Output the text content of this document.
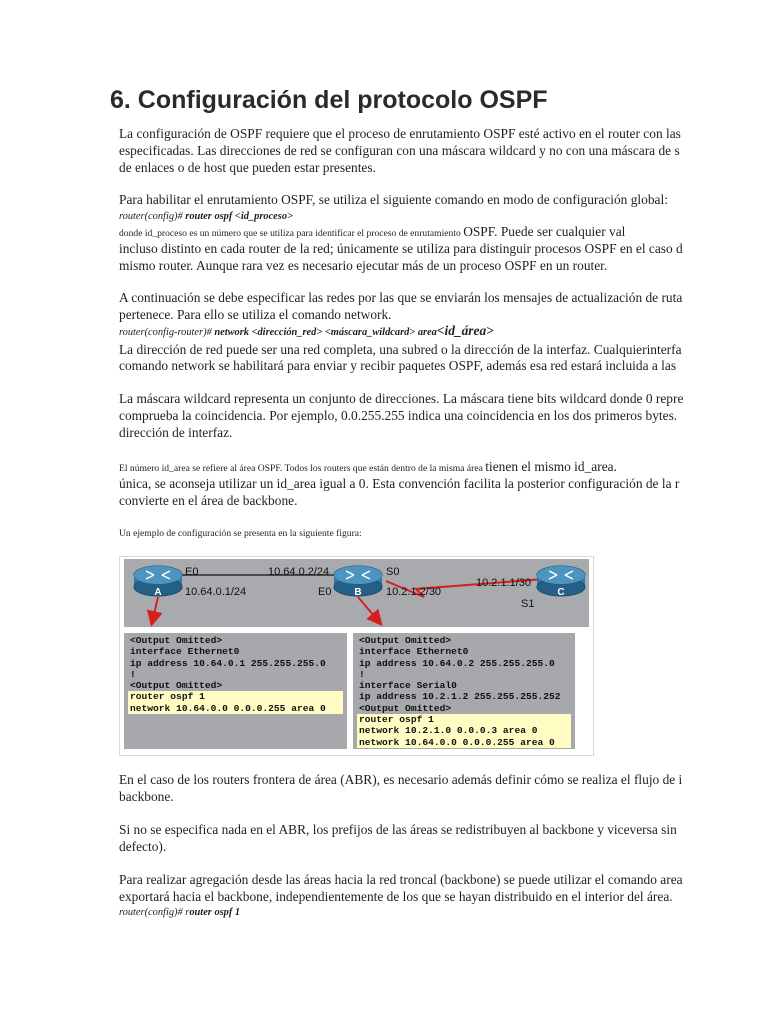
6. Configuración del protocolo OSPF
La configuración de OSPF requiere que el proceso de enrutamiento OSPF esté activo en el router con las
especificadas. Las direcciones de red se configuran con una máscara wildcard y no con una máscara de s
de enlaces o de host que pueden estar presentes.
Para habilitar el enrutamiento OSPF, se utiliza el siguiente comando en modo de configuración global:
router(config)# router ospf <id_proceso>
donde id_proceso es un número que se utiliza para identificar el proceso de enrutamiento OSPF. Puede ser cualquier val
incluso distinto en cada router de la red; únicamente se utiliza para distinguir procesos OSPF en el caso d
mismo router. Aunque rara vez es necesario ejecutar más de un proceso OSPF en un router.
A continuación se debe especificar las redes por las que se enviarán los mensajes de actualización de ruta
pertenece. Para ello se utiliza el comando network.
router(config-router)# network <dirección_red> <máscara_wildcard> area<id_área>
La dirección de red puede ser una red completa, una subred o la dirección de la interfaz. Cualquierinterfa
comando network se habilitará para enviar y recibir paquetes OSPF, además esa red estará incluida a las
La máscara wildcard representa un conjunto de direcciones. La máscara tiene bits wildcard donde 0 repre
comprueba la coincidencia. Por ejemplo, 0.0.255.255 indica una coincidencia en los dos primeros bytes.
dirección de interfaz.
El número id_area se refiere al área OSPF. Todos los routers que están dentro de la misma área tienen el mismo id_area.
única, se aconseja utilizar un id_area igual a 0. Esta convención facilita la posterior configuración de la r
convierte en el área de backbone.
Un ejemplo de configuración se presenta en la siguiente figura:
E0	10.64.0.2/24	S0
10.64.0.1/24	E0	10.2.1.2/30
10.2.1.1/30
S1
A	B	C
<Output Omitted>
interface Ethernet0
ip address 10.64.0.1 255.255.255.0
!
<Output Omitted>
router ospf 1
network 10.64.0.0 0.0.0.255 area 0
<Output Omitted>
interface Ethernet0
ip address 10.64.0.2 255.255.255.0
!
interface Serial0
ip address 10.2.1.2 255.255.255.252
<Output Omitted>
router ospf 1
network 10.2.1.0 0.0.0.3 area 0
network 10.64.0.0 0.0.0.255 area 0
En el caso de los routers frontera de área (ABR), es necesario además definir cómo se realiza el flujo de i
backbone.
Si no se especifica nada en el ABR, los prefijos de las áreas se redistribuyen al backbone y viceversa sin
defecto).
Para realizar agregación desde las áreas hacia la red troncal (backbone) se puede utilizar el comando area
exportará hacia el backbone, independientemente de los que se hayan distribuido en el interior del área.
router(config)# router ospf 1
